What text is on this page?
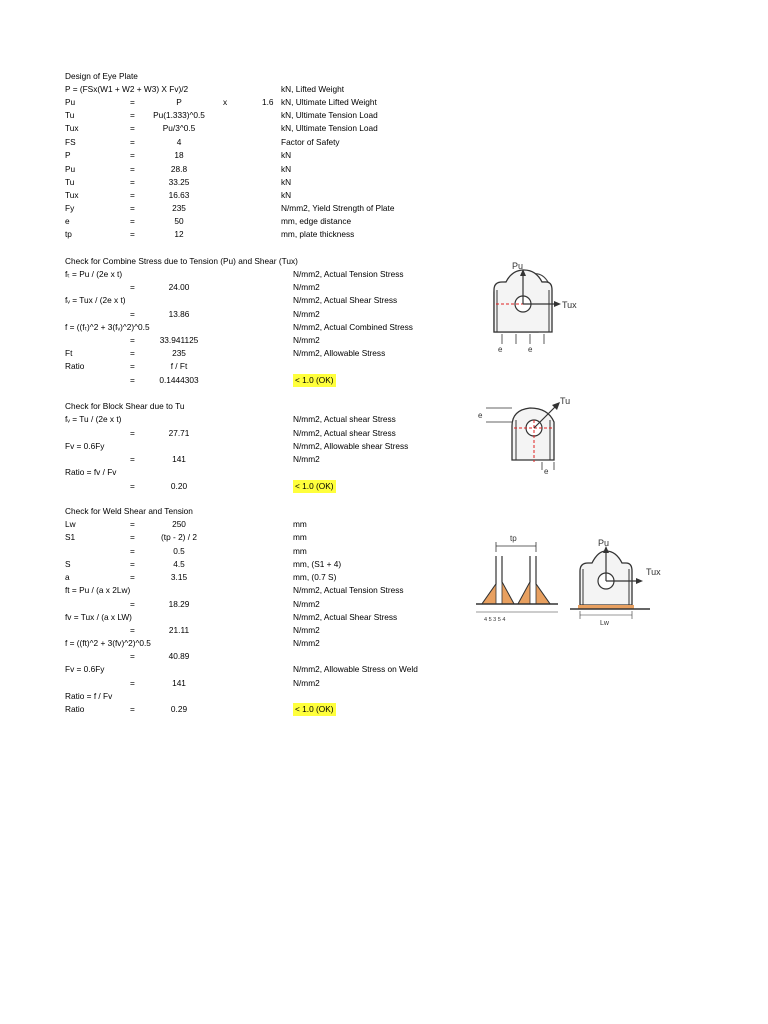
Design of Eye Plate
P = (FSx(W1 + W2 + W3) X Fv)/2	kN, Lifted Weight
Pu	=	P	x	1.6 kN, Ultimate Lifted Weight
Tu	=	Pu(1.333)^0.5	kN, Ultimate Tension Load
Tux	=	Pu/3^0.5	kN, Ultimate Tension Load
FS	=	4	Factor of Safety
P	=	18	kN
Pu	=	28.8	kN
Tu	=	33.25	kN
Tux	=	16.63	kN
Fy	=	235	N/mm2, Yield Strength of Plate
e	=	50	mm, edge distance
tp	=	12	mm, plate thickness
Check for Combine Stress due to Tension (Pu) and Shear (Tux)
fₜ = Pu / (2e x t)	N/mm2, Actual Tension Stress
=	24.00	N/mm2
fᵥ = Tux / (2e x t)	N/mm2, Actual Shear Stress
=	13.86	N/mm2
f = ((fₜ)^2 + 3(fᵥ)^2)^0.5	N/mm2, Actual Combined Stress
=	33.941125	N/mm2
Ft	=	235	N/mm2, Allowable Stress
Ratio	=	f / Ft
=	0.1444303	< 1.0 (OK)
Check for Block Shear due to Tu
fᵥ = Tu / (2e x t)	N/mm2, Actual shear Stress
=	27.71	N/mm2, Actual shear Stress
Fv = 0.6Fy	N/mm2, Allowable shear Stress
=	141	N/mm2
Ratio = fv / Fv
=	0.20	< 1.0 (OK)
Check for Weld Shear and Tension
Lw	=	250	mm
S1	=	(tp - 2) / 2	mm
=	0.5	mm
S	=	4.5	mm, (S1 + 4)
a	=	3.15	mm, (0.7 S)
ft = Pu / (a x 2Lw)	N/mm2, Actual Tension Stress
=	18.29	N/mm2
fv = Tux / (a x LW)	N/mm2, Actual Shear Stress
=	21.11	N/mm2
f = ((ft)^2 + 3(fv)^2)^0.5	N/mm2
=	40.89
Fv = 0.6Fy	N/mm2, Allowable Stress on Weld
=	141	N/mm2
Ratio = f / Fv
Ratio	=	0.29	< 1.0 (OK)
Pu
Tux
e	e
Tu
e
e
tp
4 5 3 5 4
Pu
Tux
Lw
